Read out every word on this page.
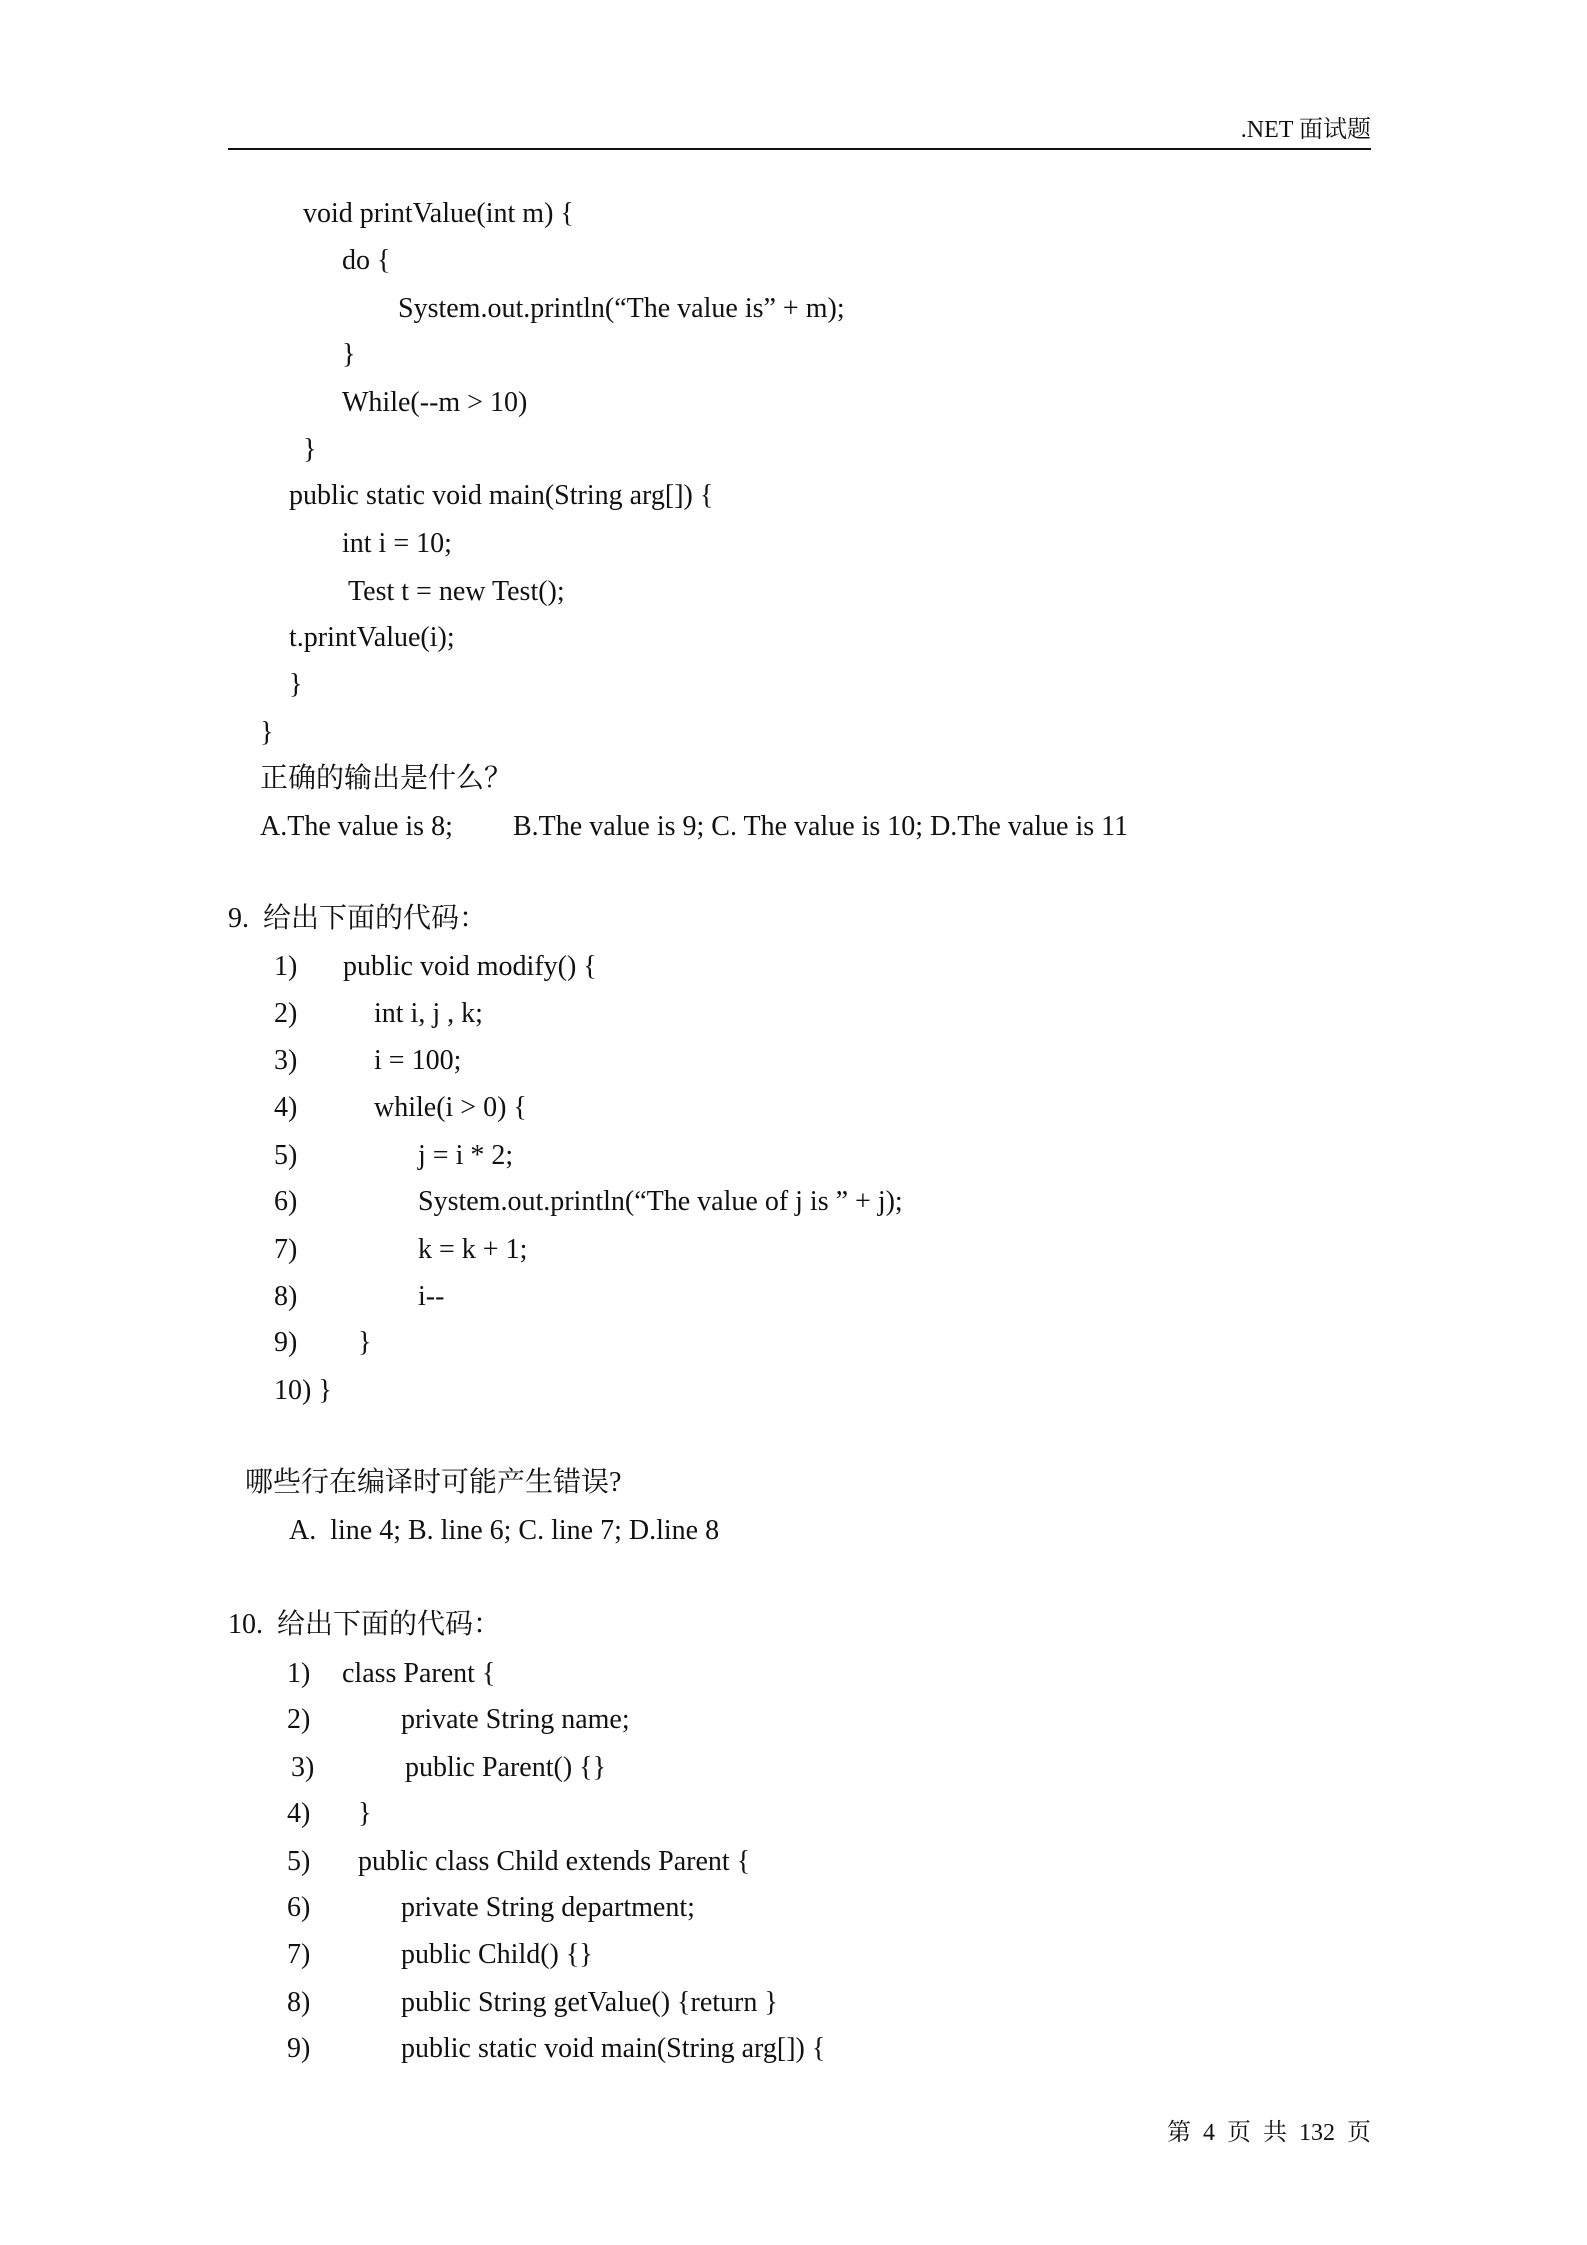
.NET 面试题
void printValue(int m) {
do {
System.out.println(“The value is” + m);
}
While(--m > 10)
}
public static void main(String arg[]) {
int i = 10;
Test t = new Test();
t.printValue(i);
}
}
正确的输出是什么？
A.The value is 8; B.The value is 9; C. The value is 10; D.The value is 11
9.  给出下面的代码：
1) public void modify() {
2)	int i, j , k;
3)	i = 100;
4)	while(i > 0) {
5)	j = i * 2;
6)	System.out.println(“The value of j is ” + j);
7)	k = k + 1;
8)	i--
9) }
10) }
哪些行在编译时可能产生错误?
A.  line 4; B. line 6; C. line 7; D.line 8
10.  给出下面的代码：
1) class Parent {
2)	private String name;
3)	public Parent() {}
4) }
5) public class Child extends Parent {
6)	private String department;
7)	public Child() {}
8)	public String getValue() {return }
9)	public static void main(String arg[]) {
第 4 页 共 132 页
